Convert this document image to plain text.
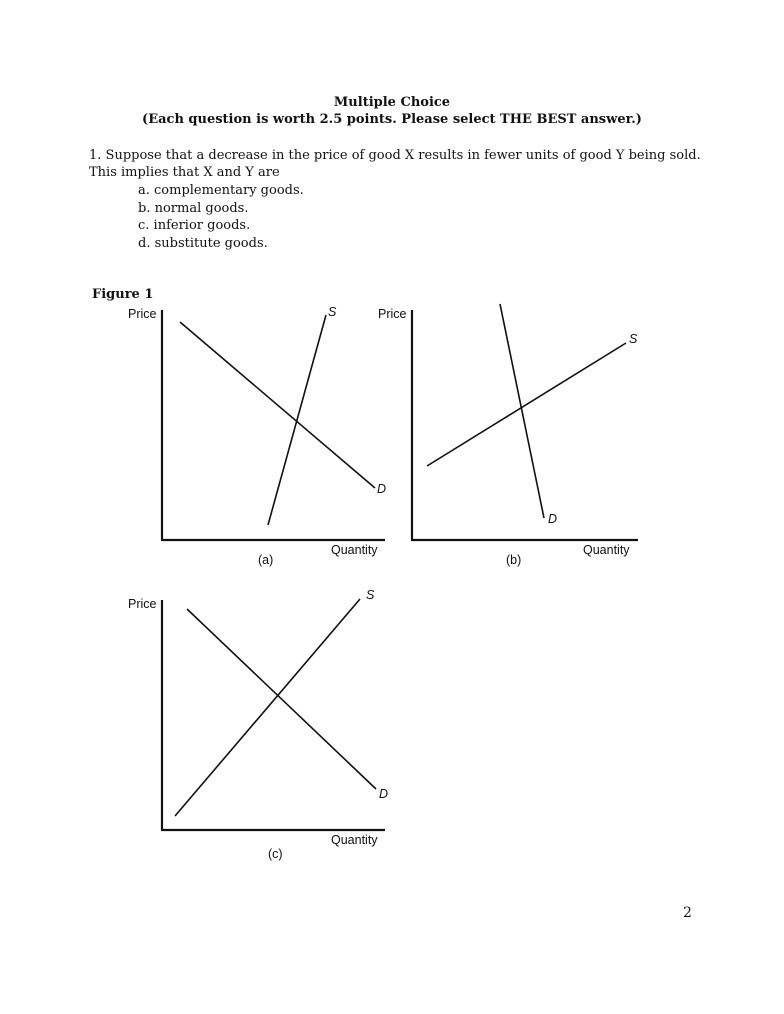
Multiple Choice
(Each question is worth 2.5 points. Please select THE BEST answer.)
1. Suppose that a decrease in the price of good X results in fewer units of good Y being sold.
This implies that X and Y are
a. complementary goods.
b. normal goods.
c. inferior goods.
d. substitute goods.
Figure 1
Price	S
D
Quantity
(a)
Price
S
D
Quantity
(b)
Price
S
D
Quantity
(c)
2
